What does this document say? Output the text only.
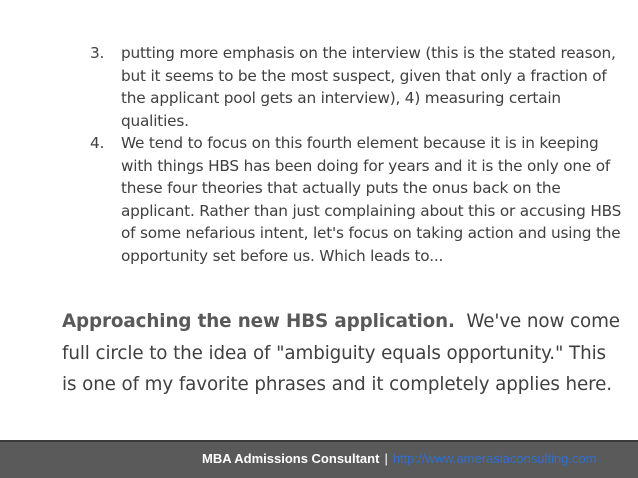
3. putting more emphasis on the interview (this is the stated reason, but it seems to be the most suspect, given that only a fraction of the applicant pool gets an interview), 4) measuring certain qualities.
4. We tend to focus on this fourth element because it is in keeping with things HBS has been doing for years and it is the only one of these four theories that actually puts the onus back on the applicant. Rather than just complaining about this or accusing HBS of some nefarious intent, let's focus on taking action and using the opportunity set before us. Which leads to...
Approaching the new HBS application. We've now come full circle to the idea of "ambiguity equals opportunity." This is one of my favorite phrases and it completely applies here.
MBA Admissions Consultant | http://www.amerasiaconsulting.com
